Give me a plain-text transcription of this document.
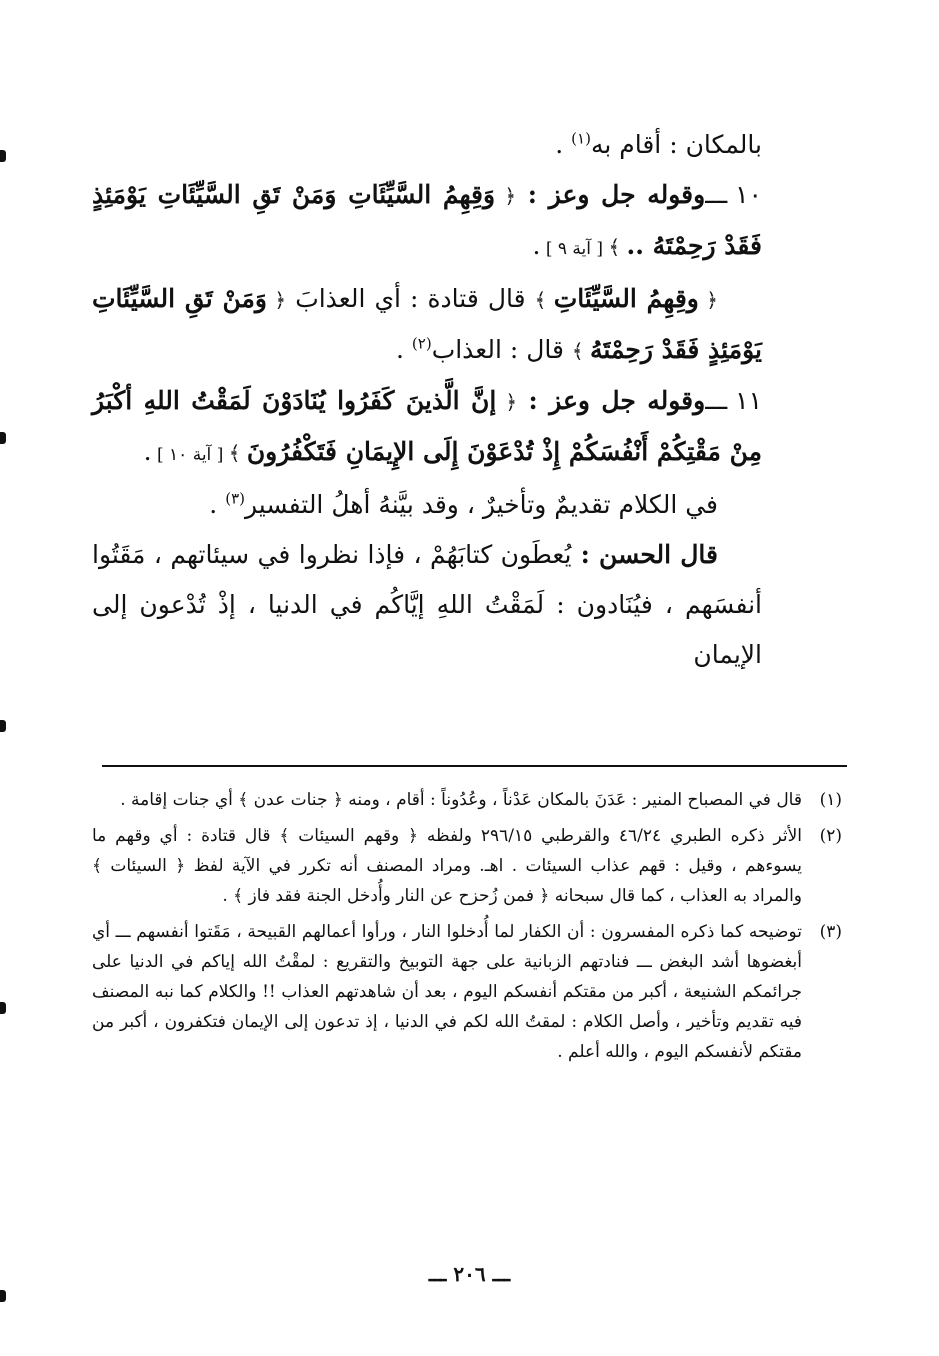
بالمكان : أقام به$^{(١)}$ .

١٠ ـــوقوله جل وعز : ﴿ وَقِهِمُ السَّيِّئَاتِ وَمَنْ تَقِ السَّيِّئَاتِ يَوْمَئِذٍ فَقَدْ رَحِمْتَهُ .. ﴾ [ آية ٩ ] .

﴿ وقِهِمُ السَّيِّئَاتِ ﴾ قال قتادة : أي العذابَ ﴿ وَمَنْ تَقِ السَّيِّئَاتِ يَوْمَئِذٍ فَقَدْ رَحِمْتَهُ ﴾ قال : العذاب$^{(٢)}$ .

١١ ـــوقوله جل وعز : ﴿ إنَّ الَّذينَ كَفَرُوا يُنَادَوْنَ لَمَقْتُ اللهِ أكْبَرُ مِنْ مَقْتِكُمْ أَنْفُسَكُمْ إِذْ تُدْعَوْنَ إِلَى الإِيمَانِ فَتَكْفُرُونَ ﴾ [ آية ١٠ ] .

في الكلام تقديمٌ وتأخيرٌ ، وقد بيَّنهُ أهلُ التفسير$^{(٣)}$ .

قال الحسن : يُعطَون كتابَهُمْ ، فإذا نظروا في سيئاتهم ، مَقَتُوا أنفسَهم ، فيُنَادون : لَمَقْتُ اللهِ إيَّاكُم في الدنيا ، إذْ تُدْعون إلى الإيمان

(١)
قال في المصباح المنير : عَدَنَ بالمكان عَدْناً ، وعُدُوناً : أقام ، ومنه ﴿ جنات عدن ﴾ أي جنات إقامة .
(٢)
الأثر ذكره الطبري ٤٦/٢٤ والقرطبي ٢٩٦/١٥ ولفظه ﴿ وقهم السيئات ﴾ قال قتادة : أي وقهم ما يسوءهم ، وقيل : قهم عذاب السيئات . اهـ. ومراد المصنف أنه تكرر في الآية لفظ ﴿ السيئات ﴾ والمراد به العذاب ، كما قال سبحانه ﴿ فمن زُحزح عن النار وأُدخل الجنة فقد فاز ﴾ .
(٣)
توضيحه كما ذكره المفسرون : أن الكفار لما أُدخلوا النار ، ورأوا أعمالهم القبيحة ، مَقَتوا أنفسهم ـــ أي أبغضوها أشد البغض ـــ فنادتهم الزبانية على جهة التوبيخ والتقريع : لمقْتُ الله إياكم في الدنيا على جرائمكم الشنيعة ، أكبر من مقتكم أنفسكم اليوم ، بعد أن شاهدتهم العذاب !! والكلام كما نبه المصنف فيه تقديم وتأخير ، وأصل الكلام : لمقتُ الله لكم في الدنيا ، إذ تدعون إلى الإيمان فتكفرون ، أكبر من مقتكم لأنفسكم اليوم ، والله أعلم .
ـــ ٢٠٦ ـــ
